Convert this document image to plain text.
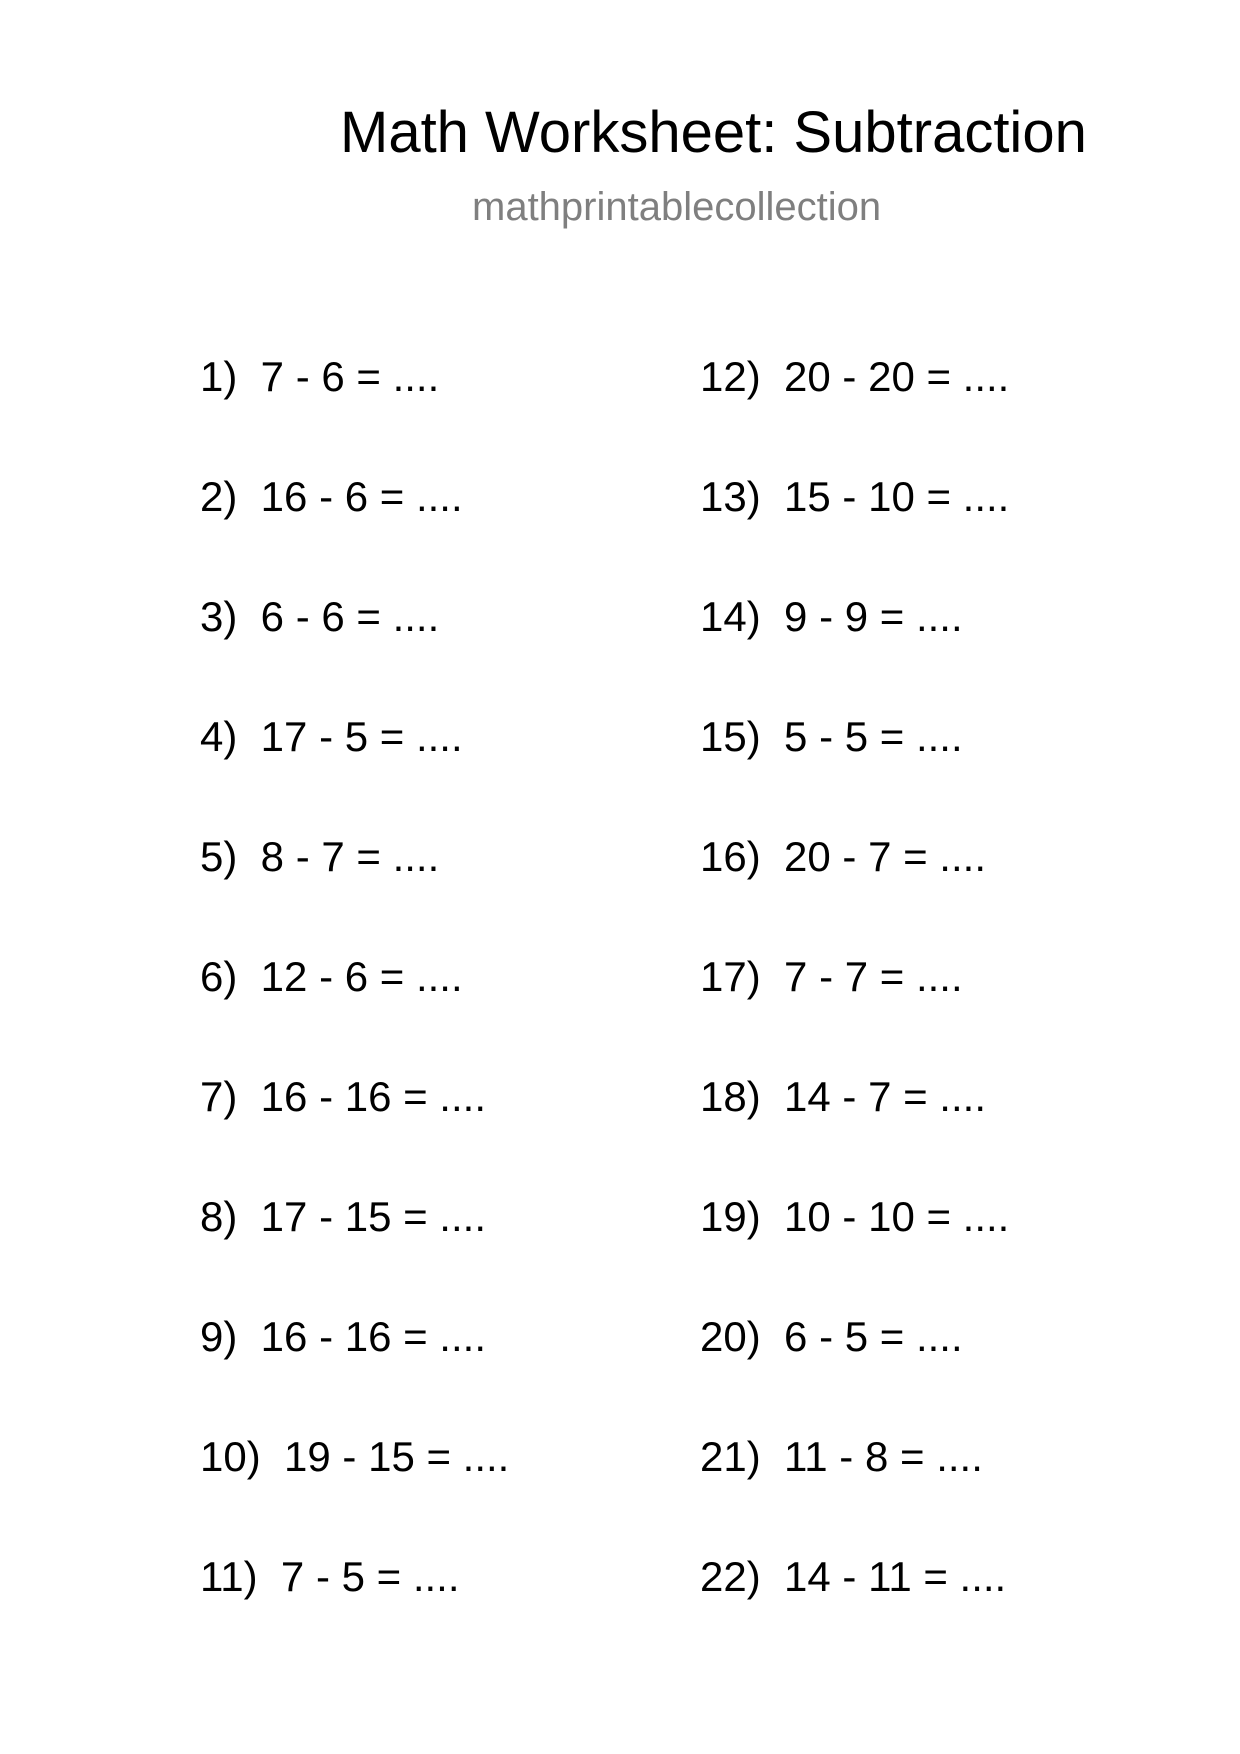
Math Worksheet: Subtraction
mathprintablecollection
1)  7 - 6 = ....
2)  16 - 6 = ....
3)  6 - 6 = ....
4)  17 - 5 = ....
5)  8 - 7 = ....
6)  12 - 6 = ....
7)  16 - 16 = ....
8)  17 - 15 = ....
9)  16 - 16 = ....
10)  19 - 15 = ....
11)  7 - 5 = ....
12)  20 - 20 = ....
13)  15 - 10 = ....
14)  9 - 9 = ....
15)  5 - 5 = ....
16)  20 - 7 = ....
17)  7 - 7 = ....
18)  14 - 7 = ....
19)  10 - 10 = ....
20)  6 - 5 = ....
21)  11 - 8 = ....
22)  14 - 11 = ....
